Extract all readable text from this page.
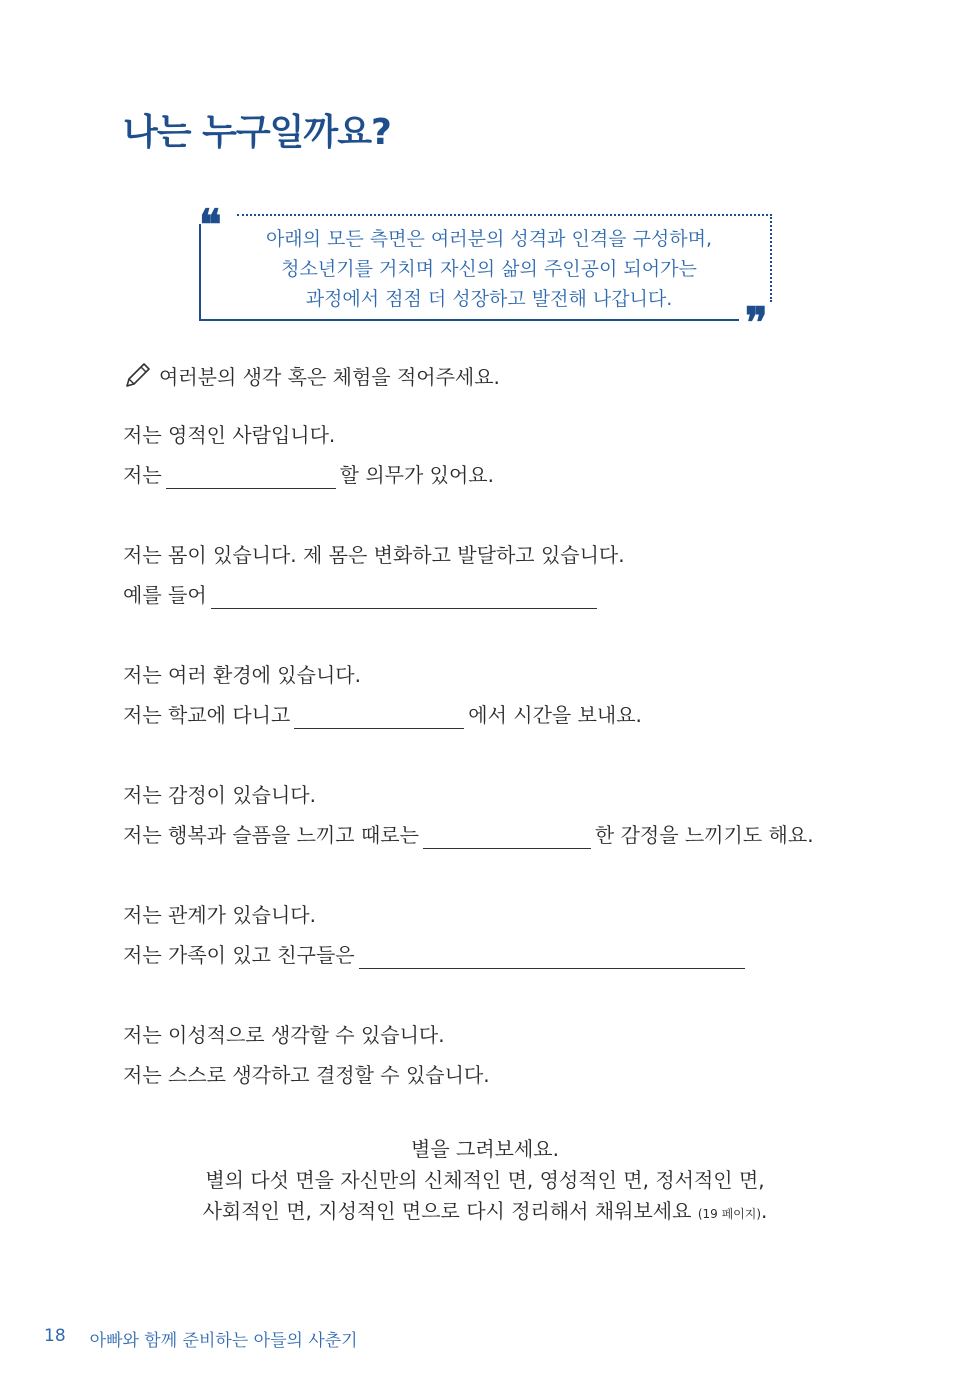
나는 누구일까요?
❝
❞
아래의 모든 측면은 여러분의 성격과 인격을 구성하며,
청소년기를 거치며 자신의 삶의 주인공이 되어가는
과정에서 점점 더 성장하고 발전해 나갑니다.
여러분의 생각 혹은 체험을 적어주세요.
저는 영적인 사람입니다.
저는	할 의무가 있어요.
저는 몸이 있습니다. 제 몸은 변화하고 발달하고 있습니다.
예를 들어
저는 여러 환경에 있습니다.
저는 학교에 다니고	에서 시간을 보내요.
저는 감정이 있습니다.
저는 행복과 슬픔을 느끼고 때로는	한 감정을 느끼기도 해요.
저는 관계가 있습니다.
저는 가족이 있고 친구들은
저는 이성적으로 생각할 수 있습니다.
저는 스스로 생각하고 결정할 수 있습니다.
별을 그려보세요.
별의 다섯 면을 자신만의 신체적인 면, 영성적인 면, 정서적인 면,
사회적인 면, 지성적인 면으로 다시 정리해서 채워보세요 (19 페이지).
18 아빠와 함께 준비하는 아들의 사춘기
